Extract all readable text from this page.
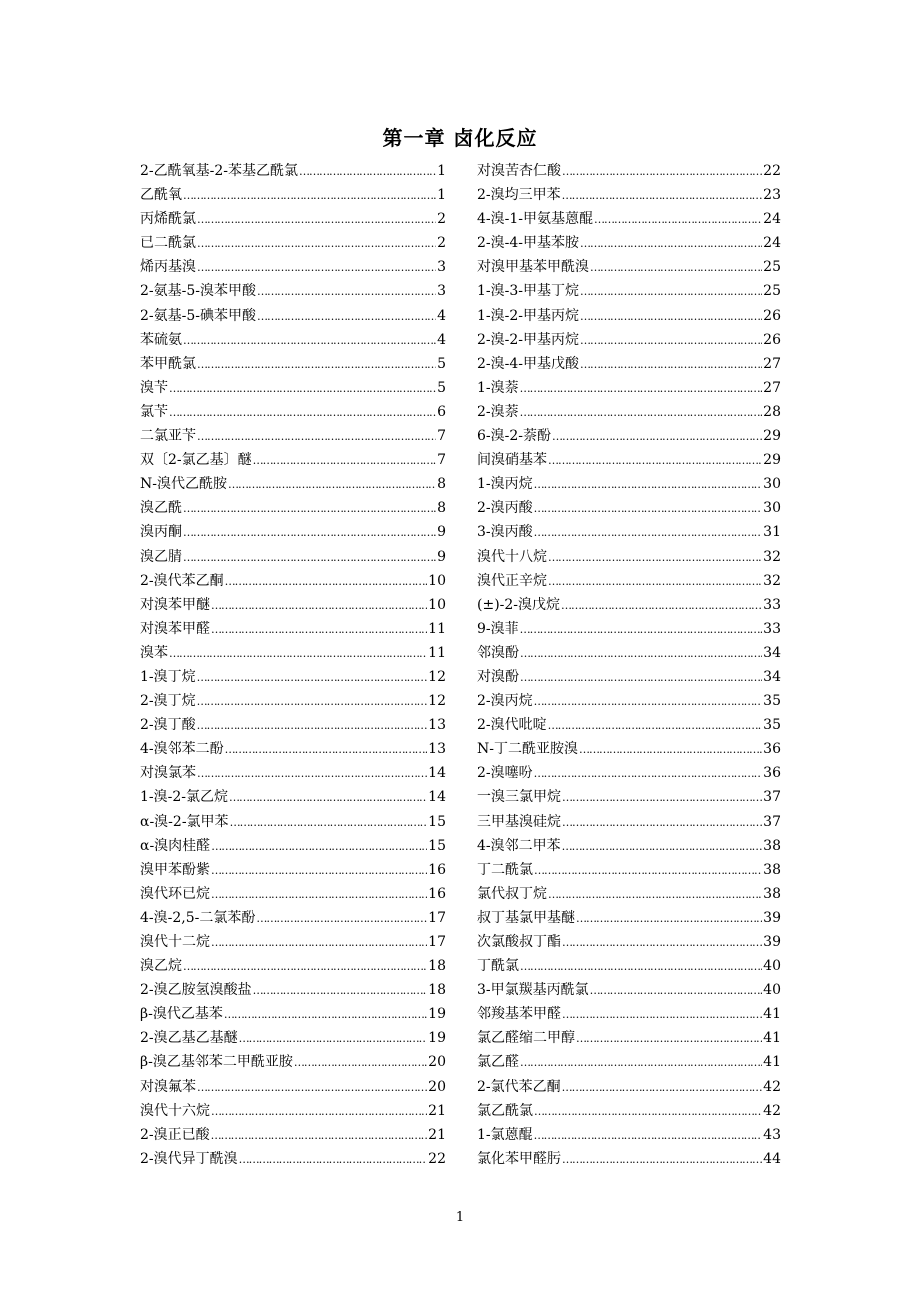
第一章 卤化反应
2-乙酰氧基-2-苯基乙酰氯 …………………………………………………………………………………………………………………………	1
乙酰氧 …………………………………………………………………………………………………………………………	1
丙烯酰氯 …………………………………………………………………………………………………………………………	2
已二酰氯 …………………………………………………………………………………………………………………………	2
烯丙基溴 …………………………………………………………………………………………………………………………	3
2-氨基-5-溴苯甲酸 …………………………………………………………………………………………………………………………	3
2-氨基-5-碘苯甲酸 …………………………………………………………………………………………………………………………	4
苯硫氨 …………………………………………………………………………………………………………………………	4
苯甲酰氯 …………………………………………………………………………………………………………………………	5
溴苄 …………………………………………………………………………………………………………………………	5
氯苄 …………………………………………………………………………………………………………………………	6
二氯亚苄 …………………………………………………………………………………………………………………………	7
双〔2-氯乙基〕醚 …………………………………………………………………………………………………………………………	7
N-溴代乙酰胺 …………………………………………………………………………………………………………………………	8
溴乙酰 …………………………………………………………………………………………………………………………	8
溴丙酮 …………………………………………………………………………………………………………………………	9
溴乙腈 …………………………………………………………………………………………………………………………	9
2-溴代苯乙酮 …………………………………………………………………………………………………………………………	10
对溴苯甲醚 …………………………………………………………………………………………………………………………	10
对溴苯甲醛 …………………………………………………………………………………………………………………………	11
溴苯 …………………………………………………………………………………………………………………………	11
1-溴丁烷 …………………………………………………………………………………………………………………………	12
2-溴丁烷 …………………………………………………………………………………………………………………………	12
2-溴丁酸 …………………………………………………………………………………………………………………………	13
4-溴邻苯二酚 …………………………………………………………………………………………………………………………	13
对溴氯苯 …………………………………………………………………………………………………………………………	14
1-溴-2-氯乙烷 …………………………………………………………………………………………………………………………	14
α-溴-2-氯甲苯 …………………………………………………………………………………………………………………………	15
α-溴肉桂醛 …………………………………………………………………………………………………………………………	15
溴甲苯酚紫 …………………………………………………………………………………………………………………………	16
溴代环已烷 …………………………………………………………………………………………………………………………	16
4-溴-2,5-二氯苯酚 …………………………………………………………………………………………………………………………	17
溴代十二烷 …………………………………………………………………………………………………………………………	17
溴乙烷 …………………………………………………………………………………………………………………………	18
2-溴乙胺氢溴酸盐 …………………………………………………………………………………………………………………………	18
β-溴代乙基苯 …………………………………………………………………………………………………………………………	19
2-溴乙基乙基醚 …………………………………………………………………………………………………………………………	19
β-溴乙基邻苯二甲酰亚胺 …………………………………………………………………………………………………………………………	20
对溴氟苯 …………………………………………………………………………………………………………………………	20
溴代十六烷 …………………………………………………………………………………………………………………………	21
2-溴正已酸 …………………………………………………………………………………………………………………………	21
2-溴代异丁酰溴 …………………………………………………………………………………………………………………………	22
对溴苦杏仁酸 …………………………………………………………………………………………………………………………	22
2-溴均三甲苯 …………………………………………………………………………………………………………………………	23
4-溴-1-甲氨基蒽醌 …………………………………………………………………………………………………………………………	24
2-溴-4-甲基苯胺 …………………………………………………………………………………………………………………………	24
对溴甲基苯甲酰溴 …………………………………………………………………………………………………………………………	25
1-溴-3-甲基丁烷 …………………………………………………………………………………………………………………………	25
1-溴-2-甲基丙烷 …………………………………………………………………………………………………………………………	26
2-溴-2-甲基丙烷 …………………………………………………………………………………………………………………………	26
2-溴-4-甲基戊酸 …………………………………………………………………………………………………………………………	27
1-溴萘 …………………………………………………………………………………………………………………………	27
2-溴萘 …………………………………………………………………………………………………………………………	28
6-溴-2-萘酚 …………………………………………………………………………………………………………………………	29
间溴硝基苯 …………………………………………………………………………………………………………………………	29
1-溴丙烷 …………………………………………………………………………………………………………………………	30
2-溴丙酸 …………………………………………………………………………………………………………………………	30
3-溴丙酸 …………………………………………………………………………………………………………………………	31
溴代十八烷 …………………………………………………………………………………………………………………………	32
溴代正辛烷 …………………………………………………………………………………………………………………………	32
(±)-2-溴戊烷 …………………………………………………………………………………………………………………………	33
9-溴菲 …………………………………………………………………………………………………………………………	33
邻溴酚 …………………………………………………………………………………………………………………………	34
对溴酚 …………………………………………………………………………………………………………………………	34
2-溴丙烷 …………………………………………………………………………………………………………………………	35
2-溴代吡啶 …………………………………………………………………………………………………………………………	35
N-丁二酰亚胺溴 …………………………………………………………………………………………………………………………	36
2-溴噻吩 …………………………………………………………………………………………………………………………	36
一溴三氯甲烷 …………………………………………………………………………………………………………………………	37
三甲基溴硅烷 …………………………………………………………………………………………………………………………	37
4-溴邻二甲苯 …………………………………………………………………………………………………………………………	38
丁二酰氯 …………………………………………………………………………………………………………………………	38
氯代叔丁烷 …………………………………………………………………………………………………………………………	38
叔丁基氯甲基醚 …………………………………………………………………………………………………………………………	39
次氯酸叔丁酯 …………………………………………………………………………………………………………………………	39
丁酰氯 …………………………………………………………………………………………………………………………	40
3-甲氯羰基丙酰氯 …………………………………………………………………………………………………………………………	40
邻羧基苯甲醛 …………………………………………………………………………………………………………………………	41
氯乙醛缩二甲醇 …………………………………………………………………………………………………………………………	41
氯乙醛 …………………………………………………………………………………………………………………………	41
2-氯代苯乙酮 …………………………………………………………………………………………………………………………	42
氯乙酰氯 …………………………………………………………………………………………………………………………	42
1-氯蒽醌 …………………………………………………………………………………………………………………………	43
氯化苯甲醛肟 …………………………………………………………………………………………………………………………	44
1
